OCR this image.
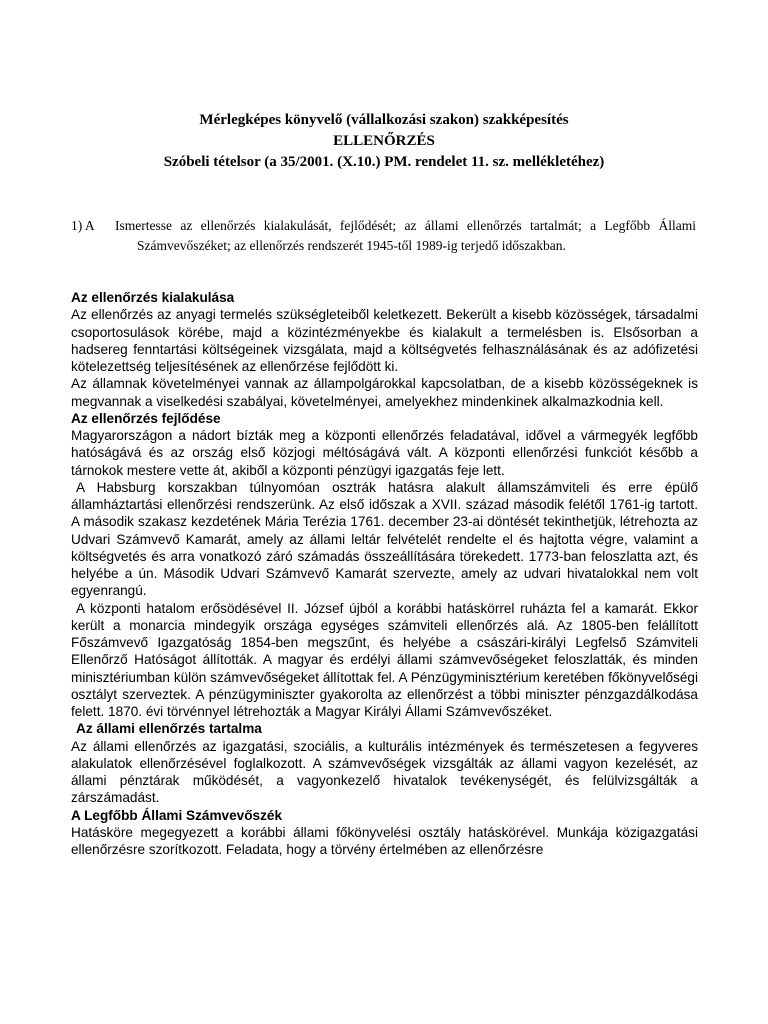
Mérlegképes könyvelő (vállalkozási szakon) szakképesítés
ELLENŐRZÉS
Szóbeli tételsor (a 35/2001. (X.10.) PM. rendelet 11. sz. mellékletéhez)
1) A Ismertesse az ellenőrzés kialakulását, fejlődését; az állami ellenőrzés tartalmát; a Legfőbb Állami Számvevőszéket; az ellenőrzés rendszerét 1945-től 1989-ig terjedő időszakban.
Az ellenőrzés kialakulása

Az ellenőrzés az anyagi termelés szükségleteiből keletkezett. Bekerült a kisebb közösségek, társadalmi csoportosulások körébe, majd a közintézményekbe és kialakult a termelésben is. Elsősorban a hadsereg fenntartási költségeinek vizsgálata, majd a költségvetés felhasználásának és az adófizetési kötelezettség teljesítésének az ellenőrzése fejlődött ki.

Az államnak követelményei vannak az állampolgárokkal kapcsolatban, de a kisebb közösségeknek is megvannak a viselkedési szabályai, követelményei, amelyekhez mindenkinek alkalmazkodnia kell.

Az ellenőrzés fejlődése

Magyarországon a nádort bízták meg a központi ellenőrzés feladatával, idővel a vármegyék legfőbb hatóságává és az ország első közjogi méltóságává vált. A központi ellenőrzési funkciót később a tárnokok mestere vette át, akiből a központi pénzügyi igazgatás feje lett.

A Habsburg korszakban túlnyomóan osztrák hatásra alakult államszámviteli és erre épülő államháztartási ellenőrzési rendszerünk. Az első időszak a XVII. század második felétől 1761-ig tartott. A második szakasz kezdetének Mária Terézia 1761. december 23-ai döntését tekinthetjük, létrehozta az Udvari Számvevő Kamarát, amely az állami leltár felvételét rendelte el és hajtotta végre, valamint a költségvetés és arra vonatkozó záró számadás összeállítására törekedett. 1773-ban feloszlatta azt, és helyébe a ún. Második Udvari Számvevő Kamarát szervezte, amely az udvari hivatalokkal nem volt egyenrangú.

A központi hatalom erősödésével II. József újból a korábbi hatáskörrel ruházta fel a kamarát. Ekkor került a monarcia mindegyik országa egységes számviteli ellenőrzés alá. Az 1805-ben felállított Főszámvevő Igazgatóság 1854-ben megszűnt, és helyébe a császári-királyi Legfelső Számviteli Ellenőrző Hatóságot állították. A magyar és erdélyi állami számvevőségeket feloszlatták, és minden minisztériumban külön számvevőségeket állítottak fel. A Pénzügyminisztérium keretében főkönyvelőségi osztályt szerveztek. A pénzügyminiszter gyakorolta az ellenőrzést a többi miniszter pénzgazdálkodása felett. 1870. évi törvénnyel létrehozták a Magyar Királyi Állami Számvevőszéket.

Az állami ellenőrzés tartalma

Az állami ellenőrzés az igazgatási, szociális, a kulturális intézmények és természetesen a fegyveres alakulatok ellenőrzésével foglalkozott. A számvevőségek vizsgálták az állami vagyon kezelését, az állami pénztárak működését, a vagyonkezelő hivatalok tevékenységét, és felülvizsgálták a zárszámadást.

A Legfőbb Állami Számvevőszék

Hatásköre megegyezett a korábbi állami főkönyvelési osztály hatáskörével. Munkája közigazgatási ellenőrzésre szorítkozott. Feladata, hogy a törvény értelmében az ellenőrzésre
